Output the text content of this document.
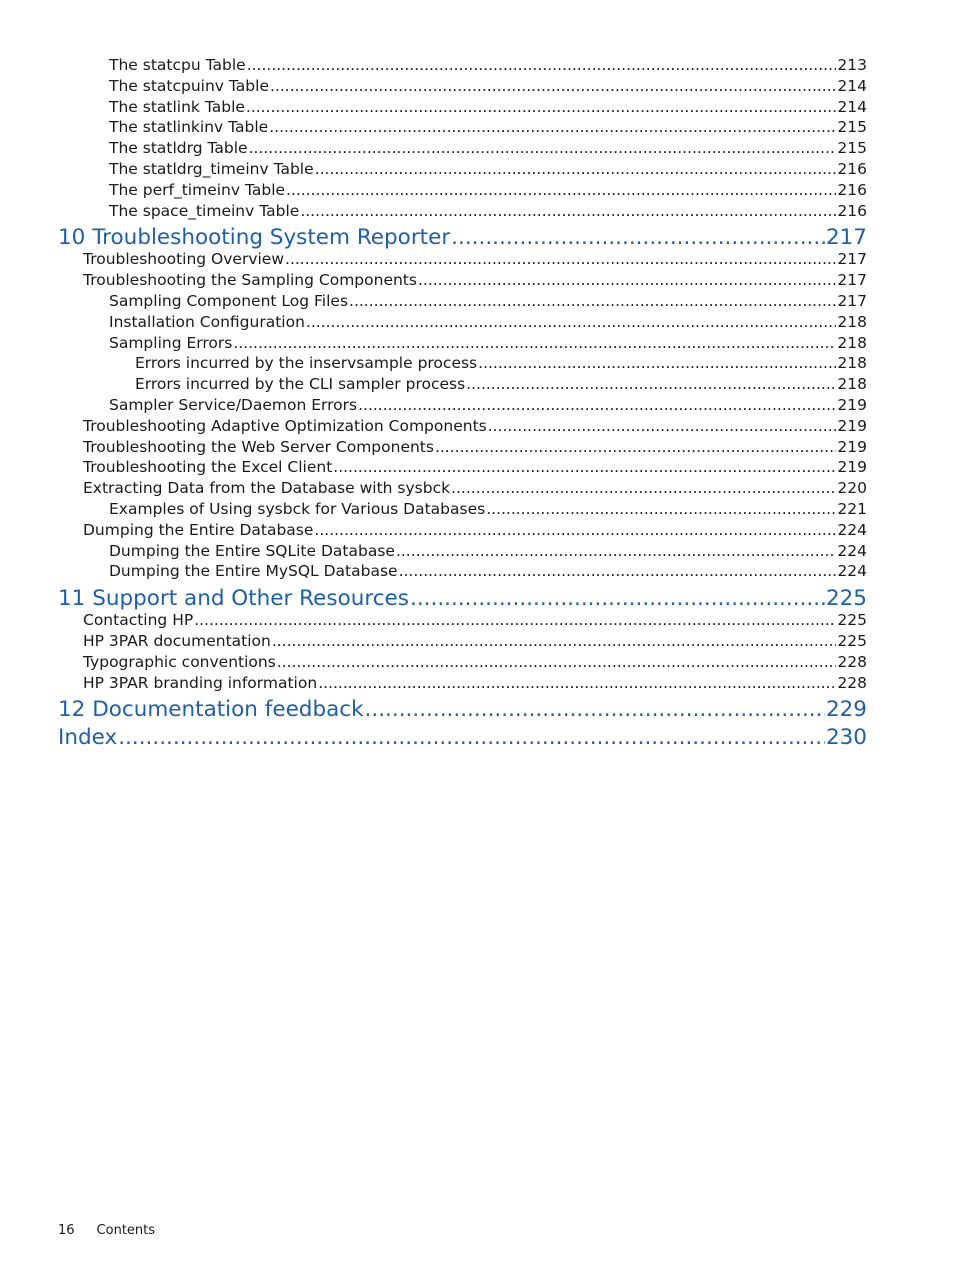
The statcpu Table .....	213
The statcpuinv Table .....	214
The statlink Table .....	214
The statlinkinv Table .....	215
The statldrg Table .....	215
The statldrg_timeinv Table .....	216
The perf_timeinv Table .....	216
The space_timeinv Table .....	216
10 Troubleshooting System Reporter .....	217
Troubleshooting Overview .....	217
Troubleshooting the Sampling Components .....	217
Sampling Component Log Files .....	217
Installation Configuration .....	218
Sampling Errors .....	218
Errors incurred by the inservsample process .....	218
Errors incurred by the CLI sampler process .....	218
Sampler Service/Daemon Errors .....	219
Troubleshooting Adaptive Optimization Components .....	219
Troubleshooting the Web Server Components .....	219
Troubleshooting the Excel Client .....	219
Extracting Data from the Database with sysbck .....	220
Examples of Using sysbck for Various Databases .....	221
Dumping the Entire Database .....	224
Dumping the Entire SQLite Database .....	224
Dumping the Entire MySQL Database .....	224
11 Support and Other Resources .....	225
Contacting HP .....	225
HP 3PAR documentation .....	225
Typographic conventions .....	228
HP 3PAR branding information .....	228
12 Documentation feedback .....	229
Index .....	230
16 Contents
